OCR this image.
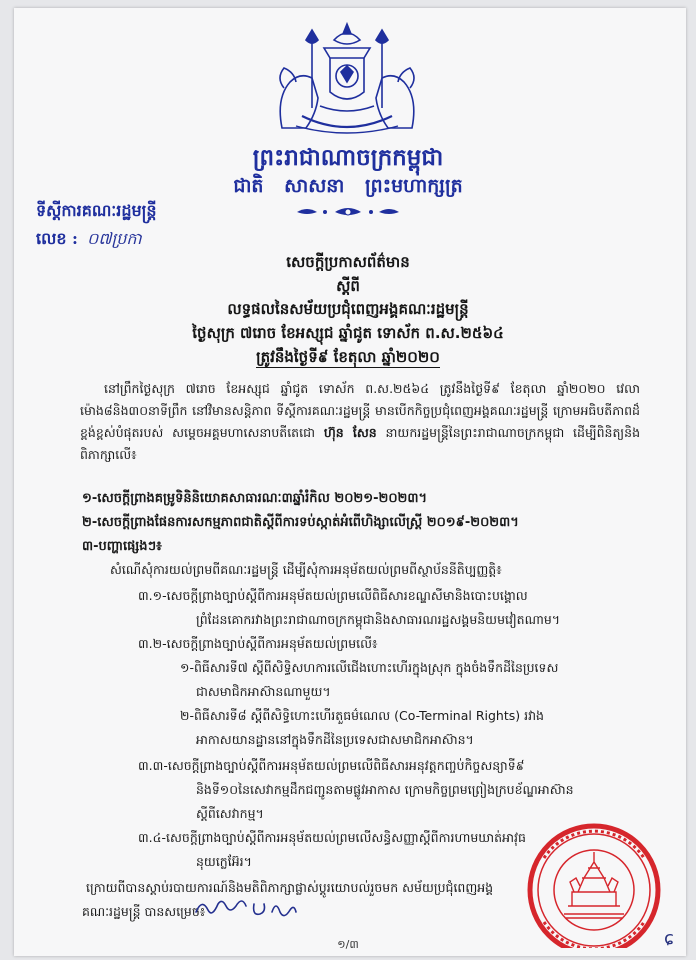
ព្រះរាជាណាចក្រកម្ពុជា
ជាតិ សាសនា ព្រះមហាក្សត្រ
ទីស្តីការគណៈរដ្ឋមន្ត្រី
លេខ : ០៧ប្រកា
សេចក្តីប្រកាសព័ត៌មាន
ស្តីពី
លទ្ធផលនៃសម័យប្រជុំពេញអង្គគណៈរដ្ឋមន្ត្រី
ថ្ងៃសុក្រ ៧រោច ខែអស្សុជ ឆ្នាំជូត ទោស័ក ព.ស.២៥៦៤
ត្រូវនឹងថ្ងៃទី៩ ខែតុលា ឆ្នាំ២០២០
នៅព្រឹកថ្ងៃសុក្រ ៧រោច ខែអស្សុជ ឆ្នាំជូត ទោស័ក ព.ស.២៥៦៤ ត្រូវនឹងថ្ងៃទី៩ ខែតុលា ឆ្នាំ២០២០ វេលាម៉ោង៨និង៣០នាទីព្រឹក នៅវិមានសន្តិភាព ទីស្តីការគណៈរដ្ឋមន្ត្រី មានបើកកិច្ចប្រជុំពេញអង្គគណៈរដ្ឋមន្ត្រី ក្រោមអធិបតីភាពដ៏ខ្ពង់ខ្ពស់បំផុតរបស់ សម្តេចអគ្គមហាសេនាបតីតេជោ ហ៊ុន សែន នាយករដ្ឋមន្ត្រីនៃព្រះរាជាណាចក្រកម្ពុជា ដើម្បីពិនិត្យនិងពិភាក្សាលើ៖
១-សេចក្តីព្រាងគម្រូទិនិនិយោគសាធារណៈ៣ឆ្នាំរំកិល ២០២១-២០២៣។
២-សេចក្តីព្រាងផែនការសកម្មភាពជាតិស្តីពីការទប់ស្កាត់អំពើហិង្សាលើស្ត្រី ២០១៩-២០២៣។
៣-បញ្ហាផ្សេងៗ៖
សំណើសុំការយល់ព្រមពីគណៈរដ្ឋមន្ត្រី ដើម្បីសុំការអនុម័តយល់ព្រមពីស្ថាប័ននីតិប្បញ្ញត្តិ៖
៣.១-សេចក្តីព្រាងច្បាប់ស្តីពីការអនុម័តយល់ព្រមលើពិធីសារខណ្ឌសីមានិងបោះបង្គោល
ព្រំដែនគោករវាងព្រះរាជាណាចក្រកម្ពុជានិងសាធារណរដ្ឋសង្គមនិយមវៀតណាម។
៣.២-សេចក្តីព្រាងច្បាប់ស្តីពីការអនុម័តយល់ព្រមលើ៖
១-ពិធីសារទី៧ ស្តីពីសិទ្ធិសហការលើជើងហោះហើរក្នុងស្រុក ក្នុងចំងទឹកដីនៃប្រទេស
ជាសមាជិកអាស៊ានណាមួយ។
២-ពិធីសារទី៨ ស្តីពីសិទ្ធិហោះហើរតួធម៌ណេល (Co-Terminal Rights) រវាង
អាកាសយានដ្ឋាននៅក្នុងទឹកដីនៃប្រទេសជាសមាជិកអាស៊ាន។
៣.៣-សេចក្តីព្រាងច្បាប់ស្តីពីការអនុម័តយល់ព្រមលើពិធីសារអនុវត្តកញ្ចប់កិច្ចសន្យាទី៩
និងទី១០នៃសេវាកម្មដឹកជញ្ជូនតាមផ្លូវអាកាស ក្រោមកិច្ចព្រមព្រៀងក្របខ័ណ្ឌអាស៊ាន
ស្តីពីសេវាកម្ម។
៣.៤-សេចក្តីព្រាងច្បាប់ស្តីពីការអនុម័តយល់ព្រមលើសន្ធិសញ្ញាស្តីពីការហាមឃាត់អាវុធ
នុយក្លេអ៊ែរ។
ក្រោយពីបានស្តាប់របាយការណ៍និងមតិពិភាក្សាផ្លាស់ប្តូរយោបល់រួចមក សម័យប្រជុំពេញអង្គ
គណៈរដ្ឋមន្ត្រី បានសម្រេច៖
១/៣	ɕ
